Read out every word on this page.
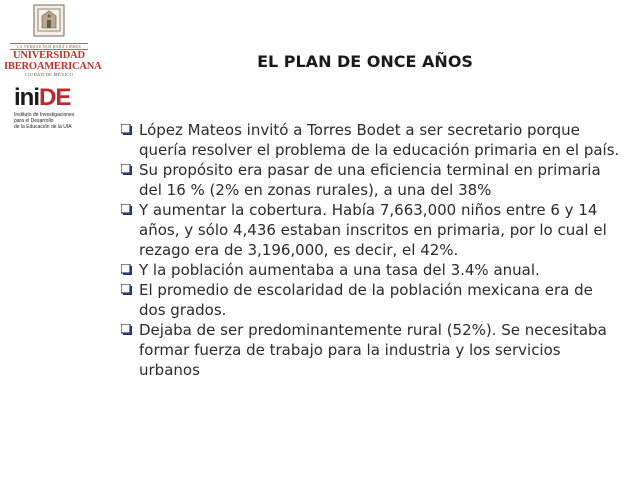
LA VERDAD NOS HARÁ LIBRES
UNIVERSIDAD
IBEROAMERICANA
CIUDAD DE MÉXICO
iniDE
Instituto de Investigaciones
para el Desarrollo
de la Educación de la UIA
EL PLAN DE ONCE AÑOS
López Mateos invitó a Torres Bodet a ser secretario porque quería resolver el problema de la educación primaria en el país.
Su propósito era pasar de una eficiencia terminal en primaria del 16 % (2% en zonas rurales), a una del 38%
Y aumentar la cobertura. Había 7,663,000 niños entre 6 y 14 años, y sólo 4,436 estaban inscritos en primaria, por lo cual el rezago era de 3,196,000, es decir, el 42%.
Y la población aumentaba a una tasa del 3.4% anual.
El promedio de escolaridad de la población mexicana era de dos grados.
Dejaba de ser predominantemente rural (52%). Se necesitaba formar fuerza de trabajo para la industria y los servicios urbanos
